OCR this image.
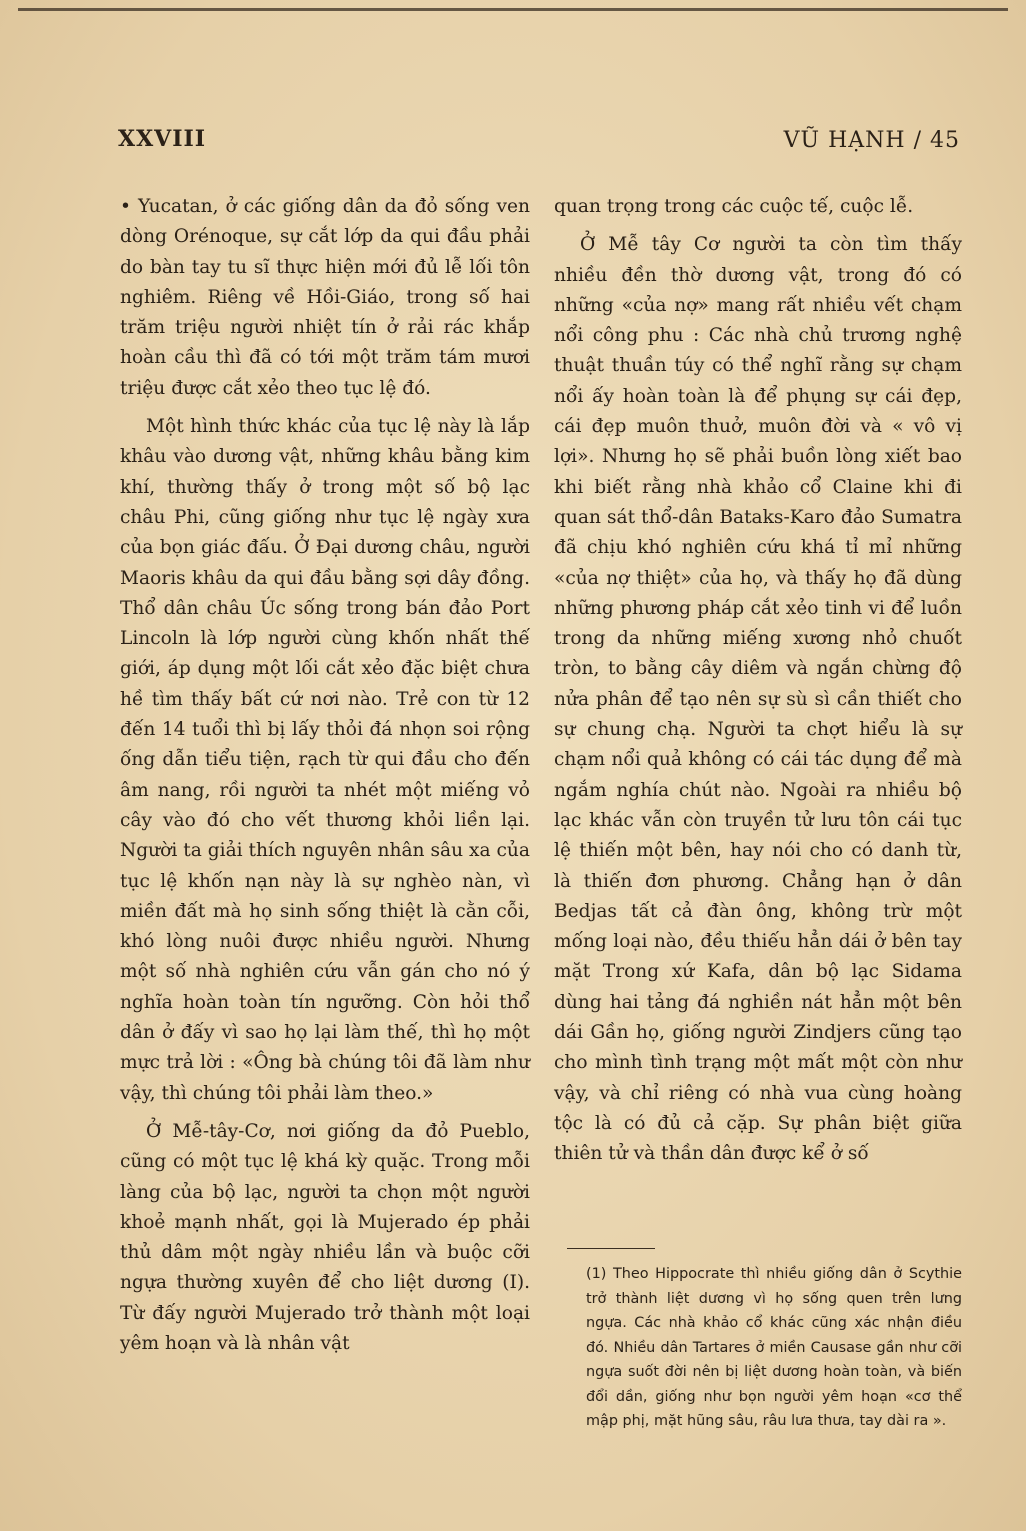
XXVIII	VŨ HẠNH / 45

• Yucatan, ở các giống dân da đỏ sống ven dòng Orénoque, sự cắt lớp da qui đầu phải do bàn tay tu sĩ thực hiện mới đủ lễ lối tôn nghiêm. Riêng về Hồi-Giáo, trong số hai trăm triệu người nhiệt tín ở rải rác khắp hoàn cầu thì đã có tới một trăm tám mươi triệu được cắt xẻo theo tục lệ đó.

Một hình thức khác của tục lệ này là lắp khâu vào dương vật, những khâu bằng kim khí, thường thấy ở trong một số bộ lạc châu Phi, cũng giống như tục lệ ngày xưa của bọn giác đấu. Ở Đại dương châu, người Maoris khâu da qui đầu bằng sợi dây đồng. Thổ dân châu Úc sống trong bán đảo Port Lincoln là lớp người cùng khốn nhất thế giới, áp dụng một lối cắt xẻo đặc biệt chưa hề tìm thấy bất cứ nơi nào. Trẻ con từ 12 đến 14 tuổi thì bị lấy thỏi đá nhọn soi rộng ống dẫn tiểu tiện, rạch từ qui đầu cho đến âm nang, rồi người ta nhét một miếng vỏ cây vào đó cho vết thương khỏi liền lại. Người ta giải thích nguyên nhân sâu xa của tục lệ khốn nạn này là sự nghèo nàn, vì miền đất mà họ sinh sống thiệt là cằn cỗi, khó lòng nuôi được nhiều người. Nhưng một số nhà nghiên cứu vẫn gán cho nó ý nghĩa hoàn toàn tín ngưỡng. Còn hỏi thổ dân ở đấy vì sao họ lại làm thế, thì họ một mực trả lời : «Ông bà chúng tôi đã làm như vậy, thì chúng tôi phải làm theo.»

Ở Mễ-tây-Cơ, nơi giống da đỏ Pueblo, cũng có một tục lệ khá kỳ quặc. Trong mỗi làng của bộ lạc, người ta chọn một người khoẻ mạnh nhất, gọi là Mujerado ép phải thủ dâm một ngày nhiều lần và buộc cỡi ngựa thường xuyên để cho liệt dương (I). Từ đấy người Mujerado trở thành một loại yêm hoạn và là nhân vật

quan trọng trong các cuộc tế, cuộc lễ.

Ở Mễ tây Cơ người ta còn tìm thấy nhiều đền thờ dương vật, trong đó có những «của nợ» mang rất nhiều vết chạm nổi công phu : Các nhà chủ trương nghệ thuật thuần túy có thể nghĩ rằng sự chạm nổi ấy hoàn toàn là để phụng sự cái đẹp, cái đẹp muôn thuở, muôn đời và « vô vị lợi». Nhưng họ sẽ phải buồn lòng xiết bao khi biết rằng nhà khảo cổ Claine khi đi quan sát thổ-dân Bataks-Karo đảo Sumatra đã chịu khó nghiên cứu khá tỉ mỉ những «của nợ thiệt» của họ, và thấy họ đã dùng những phương pháp cắt xẻo tinh vi để luồn trong da những miếng xương nhỏ chuốt tròn, to bằng cây diêm và ngắn chừng độ nửa phân để tạo nên sự sù sì cần thiết cho sự chung chạ. Người ta chợt hiểu là sự chạm nổi quả không có cái tác dụng để mà ngắm nghía chút nào. Ngoài ra nhiều bộ lạc khác vẫn còn truyền tử lưu tôn cái tục lệ thiến một bên, hay nói cho có danh từ, là thiến đơn phương. Chẳng hạn ở dân Bedjas tất cả đàn ông, không trừ một mống loại nào, đều thiếu hẳn dái ở bên tay mặt Trong xứ Kafa, dân bộ lạc Sidama dùng hai tảng đá nghiền nát hẳn một bên dái Gần họ, giống người Zindjers cũng tạo cho mình tình trạng một mất một còn như vậy, và chỉ riêng có nhà vua cùng hoàng tộc là có đủ cả cặp. Sự phân biệt giữa thiên tử và thần dân được kể ở số

(1) Theo Hippocrate thì nhiều giống dân ở Scythie trở thành liệt dương vì họ sống quen trên lưng ngựa. Các nhà khảo cổ khác cũng xác nhận điều đó. Nhiều dân Tartares ở miền Causase gần như cỡi ngựa suốt đời nên bị liệt dương hoàn toàn, và biến đổi dần, giống như bọn người yêm hoạn «cơ thể mập phị, mặt hũng sâu, râu lưa thưa, tay dài ra ».
